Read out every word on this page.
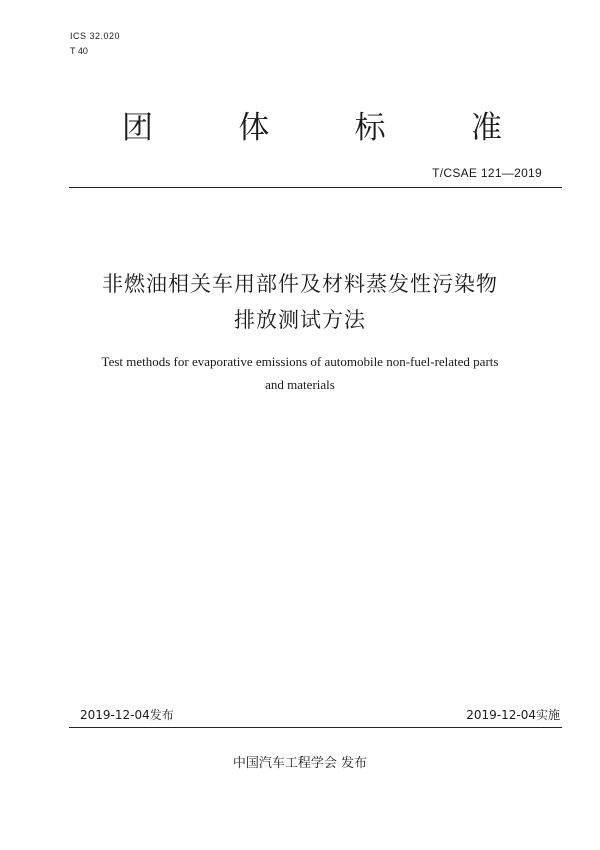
ICS 32.020
T 40
团	体	标	准
T/CSAE 121—2019
非燃油相关车用部件及材料蒸发性污染物
排放测试方法
Test methods for evaporative emissions of automobile non-fuel-related parts
and materials
2019-12-04发布	2019-12-04实施
中国汽车工程学会 发布
